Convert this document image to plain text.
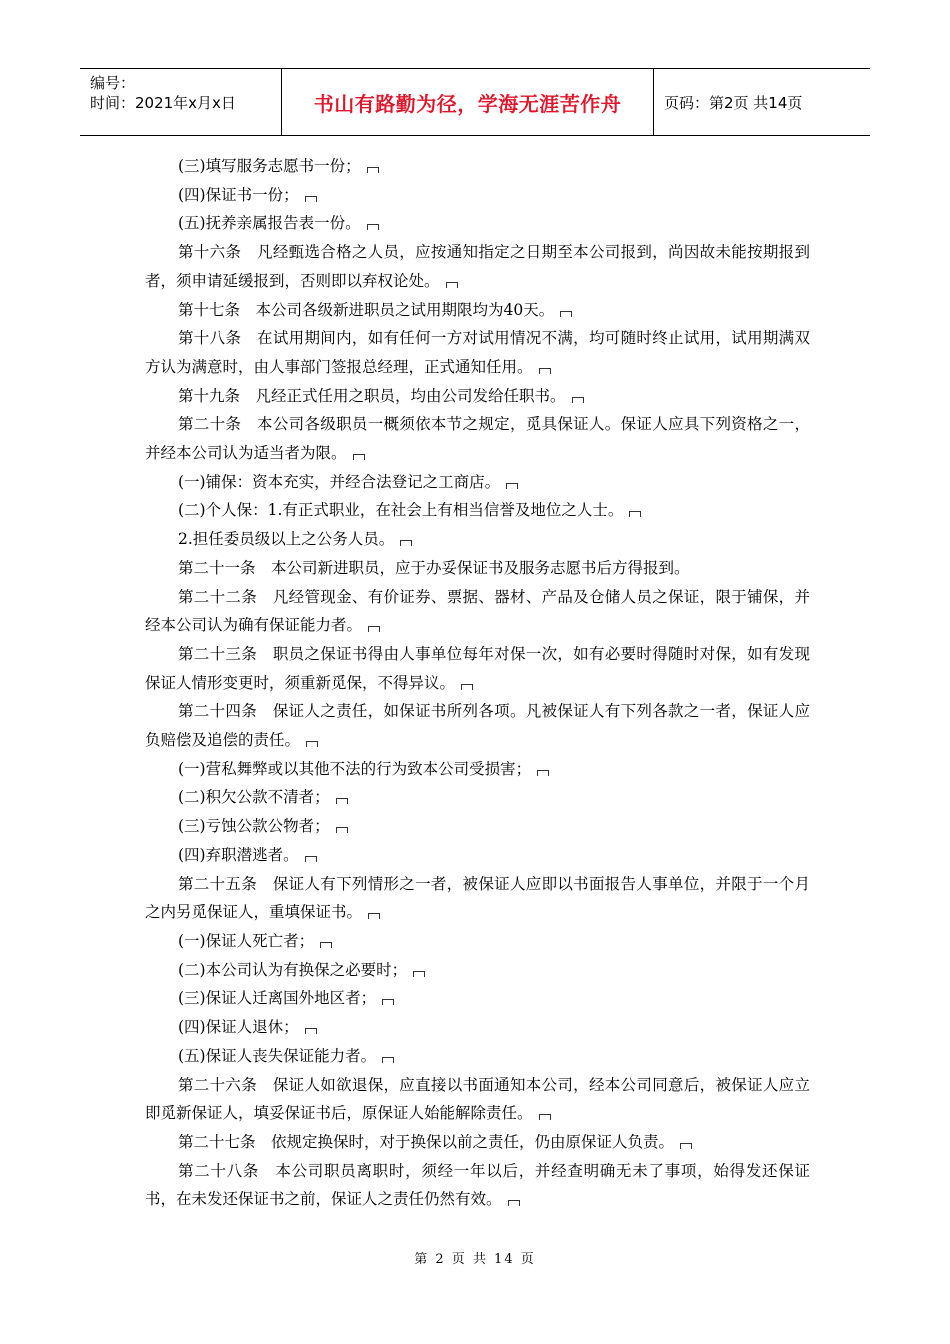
编号：
时间：2021年x月x日	书山有路勤为径，学海无涯苦作舟	页码：第2页 共14页

(三)填写服务志愿书一份；

(四)保证书一份；

(五)抚养亲属报告表一份。

第十六条　凡经甄选合格之人员，应按通知指定之日期至本公司报到，尚因故未能按期报到者，须申请延缓报到，否则即以弃权论处。

第十七条　本公司各级新进职员之试用期限均为40天。

第十八条　在试用期间内，如有任何一方对试用情况不满，均可随时终止试用，试用期满双方认为满意时，由人事部门签报总经理，正式通知任用。

第十九条　凡经正式任用之职员，均由公司发给任职书。

第二十条　本公司各级职员一概须依本节之规定，觅具保证人。保证人应具下列资格之一，并经本公司认为适当者为限。

(一)铺保：资本充实，并经合法登记之工商店。

(二)个人保：1.有正式职业，在社会上有相当信誉及地位之人士。

2.担任委员级以上之公务人员。

第二十一条　本公司新进职员，应于办妥保证书及服务志愿书后方得报到。

第二十二条　凡经管现金、有价证券、票据、器材、产品及仓储人员之保证，限于铺保，并经本公司认为确有保证能力者。

第二十三条　职员之保证书得由人事单位每年对保一次，如有必要时得随时对保，如有发现保证人情形变更时，须重新觅保，不得异议。

第二十四条　保证人之责任，如保证书所列各项。凡被保证人有下列各款之一者，保证人应负赔偿及追偿的责任。

(一)营私舞弊或以其他不法的行为致本公司受损害；

(二)积欠公款不清者；

(三)亏蚀公款公物者；

(四)弃职潜逃者。

第二十五条　保证人有下列情形之一者，被保证人应即以书面报告人事单位，并限于一个月之内另觅保证人，重填保证书。

(一)保证人死亡者；

(二)本公司认为有换保之必要时；

(三)保证人迁离国外地区者；

(四)保证人退休；

(五)保证人丧失保证能力者。

第二十六条　保证人如欲退保，应直接以书面通知本公司，经本公司同意后，被保证人应立即觅新保证人，填妥保证书后，原保证人始能解除责任。

第二十七条　依规定换保时，对于换保以前之责任，仍由原保证人负责。

第二十八条　本公司职员离职时，须经一年以后，并经查明确无未了事项，始得发还保证书，在未发还保证书之前，保证人之责任仍然有效。

第 2 页 共 14 页
